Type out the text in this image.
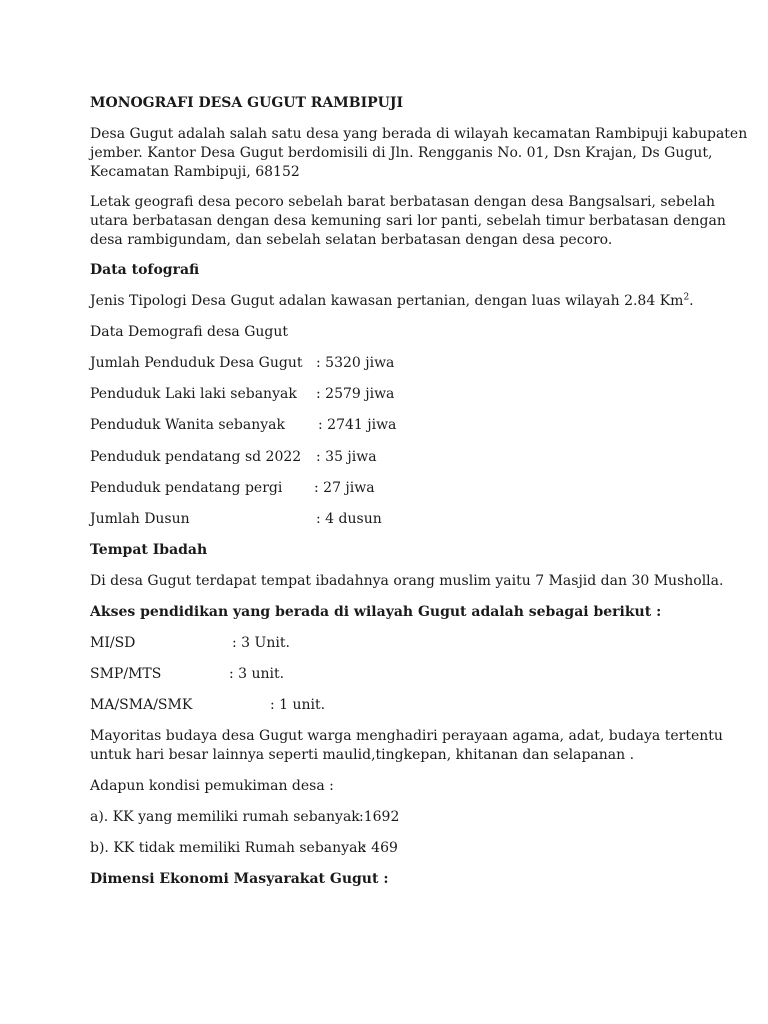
MONOGRAFI DESA GUGUT RAMBIPUJI
Desa Gugut adalah salah satu desa yang berada di wilayah kecamatan Rambipuji kabupaten
jember. Kantor Desa Gugut berdomisili di Jln. Rengganis No. 01, Dsn Krajan, Ds Gugut,
Kecamatan Rambipuji, 68152
Letak geografi desa pecoro sebelah barat berbatasan dengan desa Bangsalsari, sebelah
utara berbatasan dengan desa kemuning sari lor panti, sebelah timur berbatasan dengan
desa rambigundam, dan sebelah selatan berbatasan dengan desa pecoro.
Data tofografi
Jenis Tipologi Desa Gugut adalan kawasan pertanian, dengan luas wilayah 2.84 Km$^2$.
Data Demografi desa Gugut
Jumlah Penduduk Desa Gugut : 5320 jiwa
Penduduk Laki laki sebanyak : 2579 jiwa
Penduduk Wanita sebanyak : 2741 jiwa
Penduduk pendatang sd 2022 : 35 jiwa
Penduduk pendatang pergi : 27 jiwa
Jumlah Dusun	: 4 dusun
Tempat Ibadah
Di desa Gugut terdapat tempat ibadahnya orang muslim yaitu 7 Masjid dan 30 Musholla.
Akses pendidikan yang berada di wilayah Gugut adalah sebagai berikut :
MI/SD	: 3 Unit.
SMP/MTS	: 3 unit.
MA/SMA/SMK	: 1 unit.
Mayoritas budaya desa Gugut warga menghadiri perayaan agama, adat, budaya tertentu
untuk hari besar lainnya seperti maulid,tingkepan, khitanan dan selapanan .
Adapun kondisi pemukiman desa :
a). KK yang memiliki rumah sebanyak :1692
b). KK tidak memiliki Rumah sebanyak
: 469
Dimensi Ekonomi Masyarakat Gugut :
